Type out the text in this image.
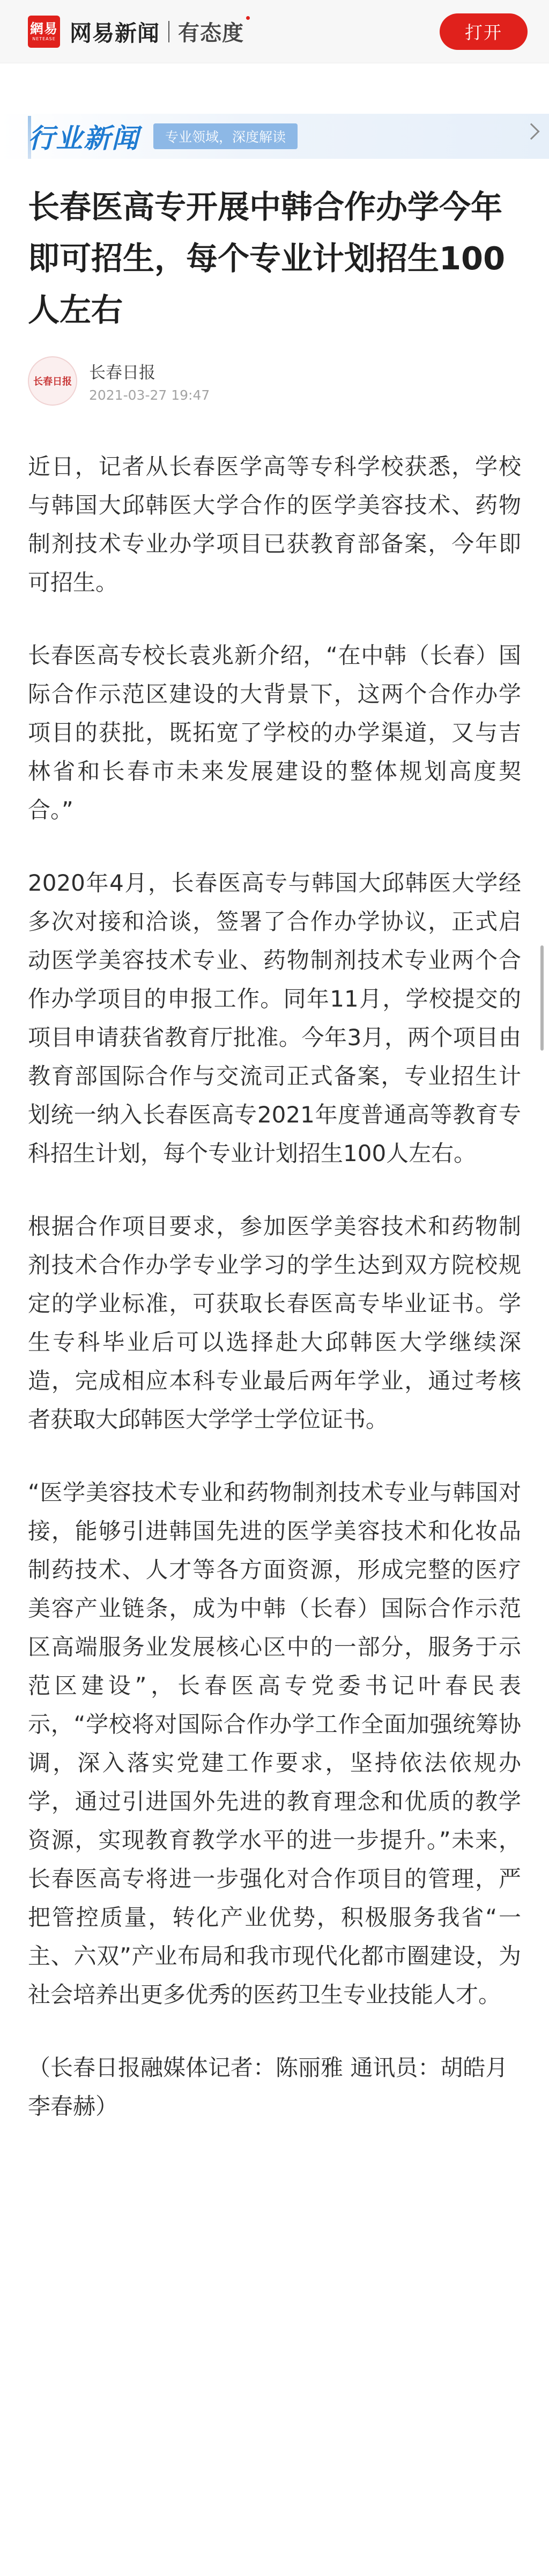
網易
NETEASE 网易新闻 有态度	打开
行业新闻	专业领域，深度解读
长春医高专开展中韩合作办学今年即可招生，每个专业计划招生100人左右
长春日报 长春日报
2021-03-27 19:47

近日，记者从长春医学高等专科学校获悉，学校与韩国大邱韩医大学合作的医学美容技术、药物制剂技术专业办学项目已获教育部备案，今年即可招生。

长春医高专校长袁兆新介绍，“在中韩（长春）国际合作示范区建设的大背景下，这两个合作办学项目的获批，既拓宽了学校的办学渠道，又与吉林省和长春市未来发展建设的整体规划高度契合。”

2020年4月，长春医高专与韩国大邱韩医大学经多次对接和洽谈，签署了合作办学协议，正式启动医学美容技术专业、药物制剂技术专业两个合作办学项目的申报工作。同年11月，学校提交的项目申请获省教育厅批准。今年3月，两个项目由教育部国际合作与交流司正式备案，专业招生计划统一纳入长春医高专2021年度普通高等教育专科招生计划，每个专业计划招生100人左右。

根据合作项目要求，参加医学美容技术和药物制剂技术合作办学专业学习的学生达到双方院校规定的学业标准，可获取长春医高专毕业证书。学生专科毕业后可以选择赴大邱韩医大学继续深造，完成相应本科专业最后两年学业，通过考核者获取大邱韩医大学学士学位证书。

“医学美容技术专业和药物制剂技术专业与韩国对接，能够引进韩国先进的医学美容技术和化妆品制药技术、人才等各方面资源，形成完整的医疗美容产业链条，成为中韩（长春）国际合作示范区高端服务业发展核心区中的一部分，服务于示范区建设”，长春医高专党委书记叶春民表示，“学校将对国际合作办学工作全面加强统筹协调，深入落实党建工作要求，坚持依法依规办学，通过引进国外先进的教育理念和优质的教学资源，实现教育教学水平的进一步提升。”未来，长春医高专将进一步强化对合作项目的管理，严把管控质量，转化产业优势，积极服务我省“一主、六双”产业布局和我市现代化都市圈建设，为社会培养出更多优秀的医药卫生专业技能人才。

（长春日报融媒体记者：陈丽雅 通讯员：胡皓月 李春赫）
